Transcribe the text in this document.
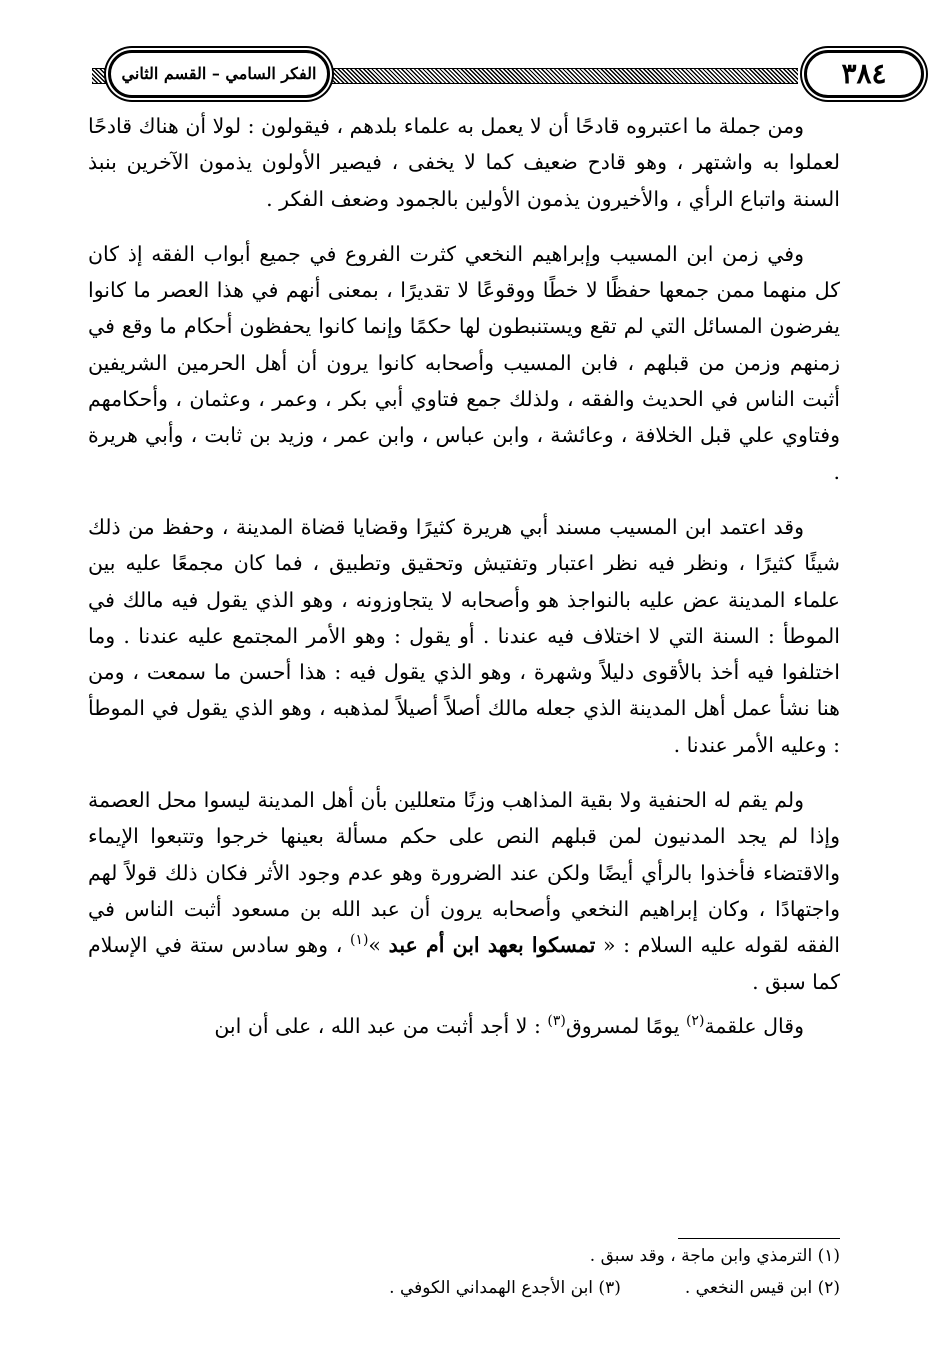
الفكر السامي – القسم الثاني	٣٨٤

ومن جملة ما اعتبروه قادحًا أن لا يعمل به علماء بلدهم ، فيقولون : لولا أن هناك قادحًا لعملوا به واشتهر ، وهو قادح ضعيف كما لا يخفى ، فيصير الأولون يذمون الآخرين بنبذ السنة واتباع الرأي ، والأخيرون يذمون الأولين بالجمود وضعف الفكر .

وفي زمن ابن المسيب وإبراهيم النخعي كثرت الفروع في جميع أبواب الفقه إذ كان كل منهما ممن جمعها حفظًا لا خطًا ووقوعًا لا تقديرًا ، بمعنى أنهم في هذا العصر ما كانوا يفرضون المسائل التي لم تقع ويستنبطون لها حكمًا وإنما كانوا يحفظون أحكام ما وقع في زمنهم وزمن من قبلهم ، فابن المسيب وأصحابه كانوا يرون أن أهل الحرمين الشريفين أثبت الناس في الحديث والفقه ، ولذلك جمع فتاوي أبي بكر ، وعمر ، وعثمان ، وأحكامهم وفتاوي علي قبل الخلافة ، وعائشة ، وابن عباس ، وابن عمر ، وزيد بن ثابت ، وأبي هريرة .

وقد اعتمد ابن المسيب مسند أبي هريرة كثيرًا وقضايا قضاة المدينة ، وحفظ من ذلك شيئًا كثيرًا ، ونظر فيه نظر اعتبار وتفتيش وتحقيق وتطبيق ، فما كان مجمعًا عليه بين علماء المدينة عض عليه بالنواجذ هو وأصحابه لا يتجاوزونه ، وهو الذي يقول فيه مالك في الموطأ : السنة التي لا اختلاف فيه عندنا . أو يقول : وهو الأمر المجتمع عليه عندنا . وما اختلفوا فيه أخذ بالأقوى دليلاً وشهرة ، وهو الذي يقول فيه : هذا أحسن ما سمعت ، ومن هنا نشأ عمل أهل المدينة الذي جعله مالك أصلاً أصيلاً لمذهبه ، وهو الذي يقول في الموطأ : وعليه الأمر عندنا .

ولم يقم له الحنفية ولا بقية المذاهب وزنًا متعللين بأن أهل المدينة ليسوا محل العصمة وإذا لم يجد المدنيون لمن قبلهم النص على حكم مسألة بعينها خرجوا وتتبعوا الإيماء والاقتضاء فأخذوا بالرأي أيضًا ولكن عند الضرورة وهو عدم وجود الأثر فكان ذلك قولاً لهم واجتهادًا ، وكان إبراهيم النخعي وأصحابه يرون أن عبد الله بن مسعود أثبت الناس في الفقه لقوله عليه السلام : « تمسكوا بعهد ابن أم عبد »$^{(١)}$ ، وهو سادس ستة في الإسلام كما سبق .

وقال علقمة$^{(٢)}$ يومًا لمسروق$^{(٣)}$ : لا أجد أثبت من عبد الله ، على أن ابن

(١) الترمذي وابن ماجة ، وقد سبق .
(٢) ابن قيس النخعي .
(٣) ابن الأجدع الهمداني الكوفي .
